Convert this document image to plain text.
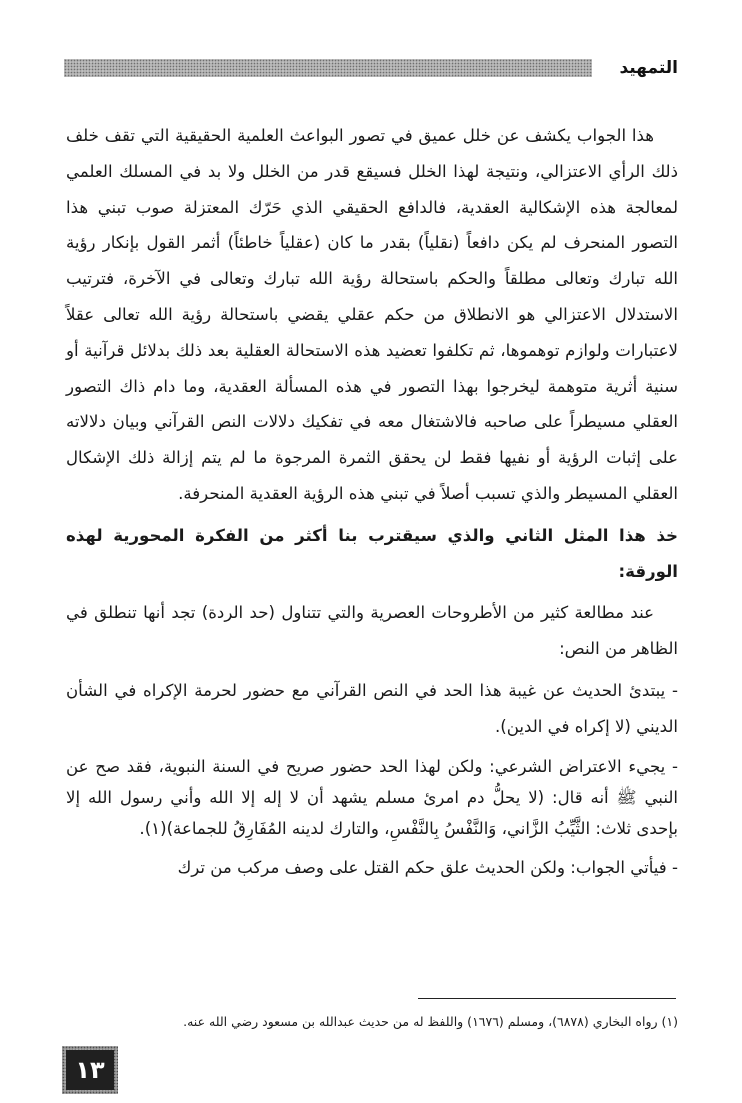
التمهيد

هذا الجواب يكشف عن خلل عميق في تصور البواعث العلمية الحقيقية التي تقف خلف ذلك الرأي الاعتزالي، ونتيجة لهذا الخلل فسيقع قدر من الخلل ولا بد في المسلك العلمي لمعالجة هذه الإشكالية العقدية، فالدافع الحقيقي الذي حَرّك المعتزلة صوب تبني هذا التصور المنحرف لم يكن دافعاً (نقلياً) بقدر ما كان (عقلياً خاطئاً) أثمر القول بإنكار رؤية الله تبارك وتعالى مطلقاً والحكم باستحالة رؤية الله تبارك وتعالى في الآخرة، فترتيب الاستدلال الاعتزالي هو الانطلاق من حكم عقلي يقضي باستحالة رؤية الله تعالى عقلاً لاعتبارات ولوازم توهموها، ثم تكلفوا تعضيد هذه الاستحالة العقلية بعد ذلك بدلائل قرآنية أو سنية أثرية متوهمة ليخرجوا بهذا التصور في هذه المسألة العقدية، وما دام ذاك التصور العقلي مسيطراً على صاحبه فالاشتغال معه في تفكيك دلالات النص القرآني وبيان دلالاته على إثبات الرؤية أو نفيها فقط لن يحقق الثمرة المرجوة ما لم يتم إزالة ذلك الإشكال العقلي المسيطر والذي تسبب أصلاً في تبني هذه الرؤية العقدية المنحرفة.

خذ هذا المثل الثاني والذي سيقترب بنا أكثر من الفكرة المحورية لهذه الورقة:

عند مطالعة كثير من الأطروحات العصرية والتي تتناول (حد الردة) تجد أنها تنطلق في الظاهر من النص:

- يبتدئ الحديث عن غيبة هذا الحد في النص القرآني مع حضور لحرمة الإكراه في الشأن الديني (لا إكراه في الدين).

- يجيء الاعتراض الشرعي: ولكن لهذا الحد حضور صريح في السنة النبوية، فقد صح عن النبي ﷺ أنه قال: (لا يحلُّ دم امرئ مسلم يشهد أن لا إله إلا الله وأني رسول الله إلا بإحدى ثلاث: الثَّيِّبُ الزَّاني، وَالنَّفْسُ بِالنَّفْسِ، والتارك لدينه المُفَارِقُ للجماعة)(١).

- فيأتي الجواب: ولكن الحديث علق حكم القتل على وصف مركب من ترك

(١) رواه البخاري (٦٨٧٨)، ومسلم (١٦٧٦) واللفظ له من حديث عبدالله بن مسعود رضي الله عنه.
١٣
